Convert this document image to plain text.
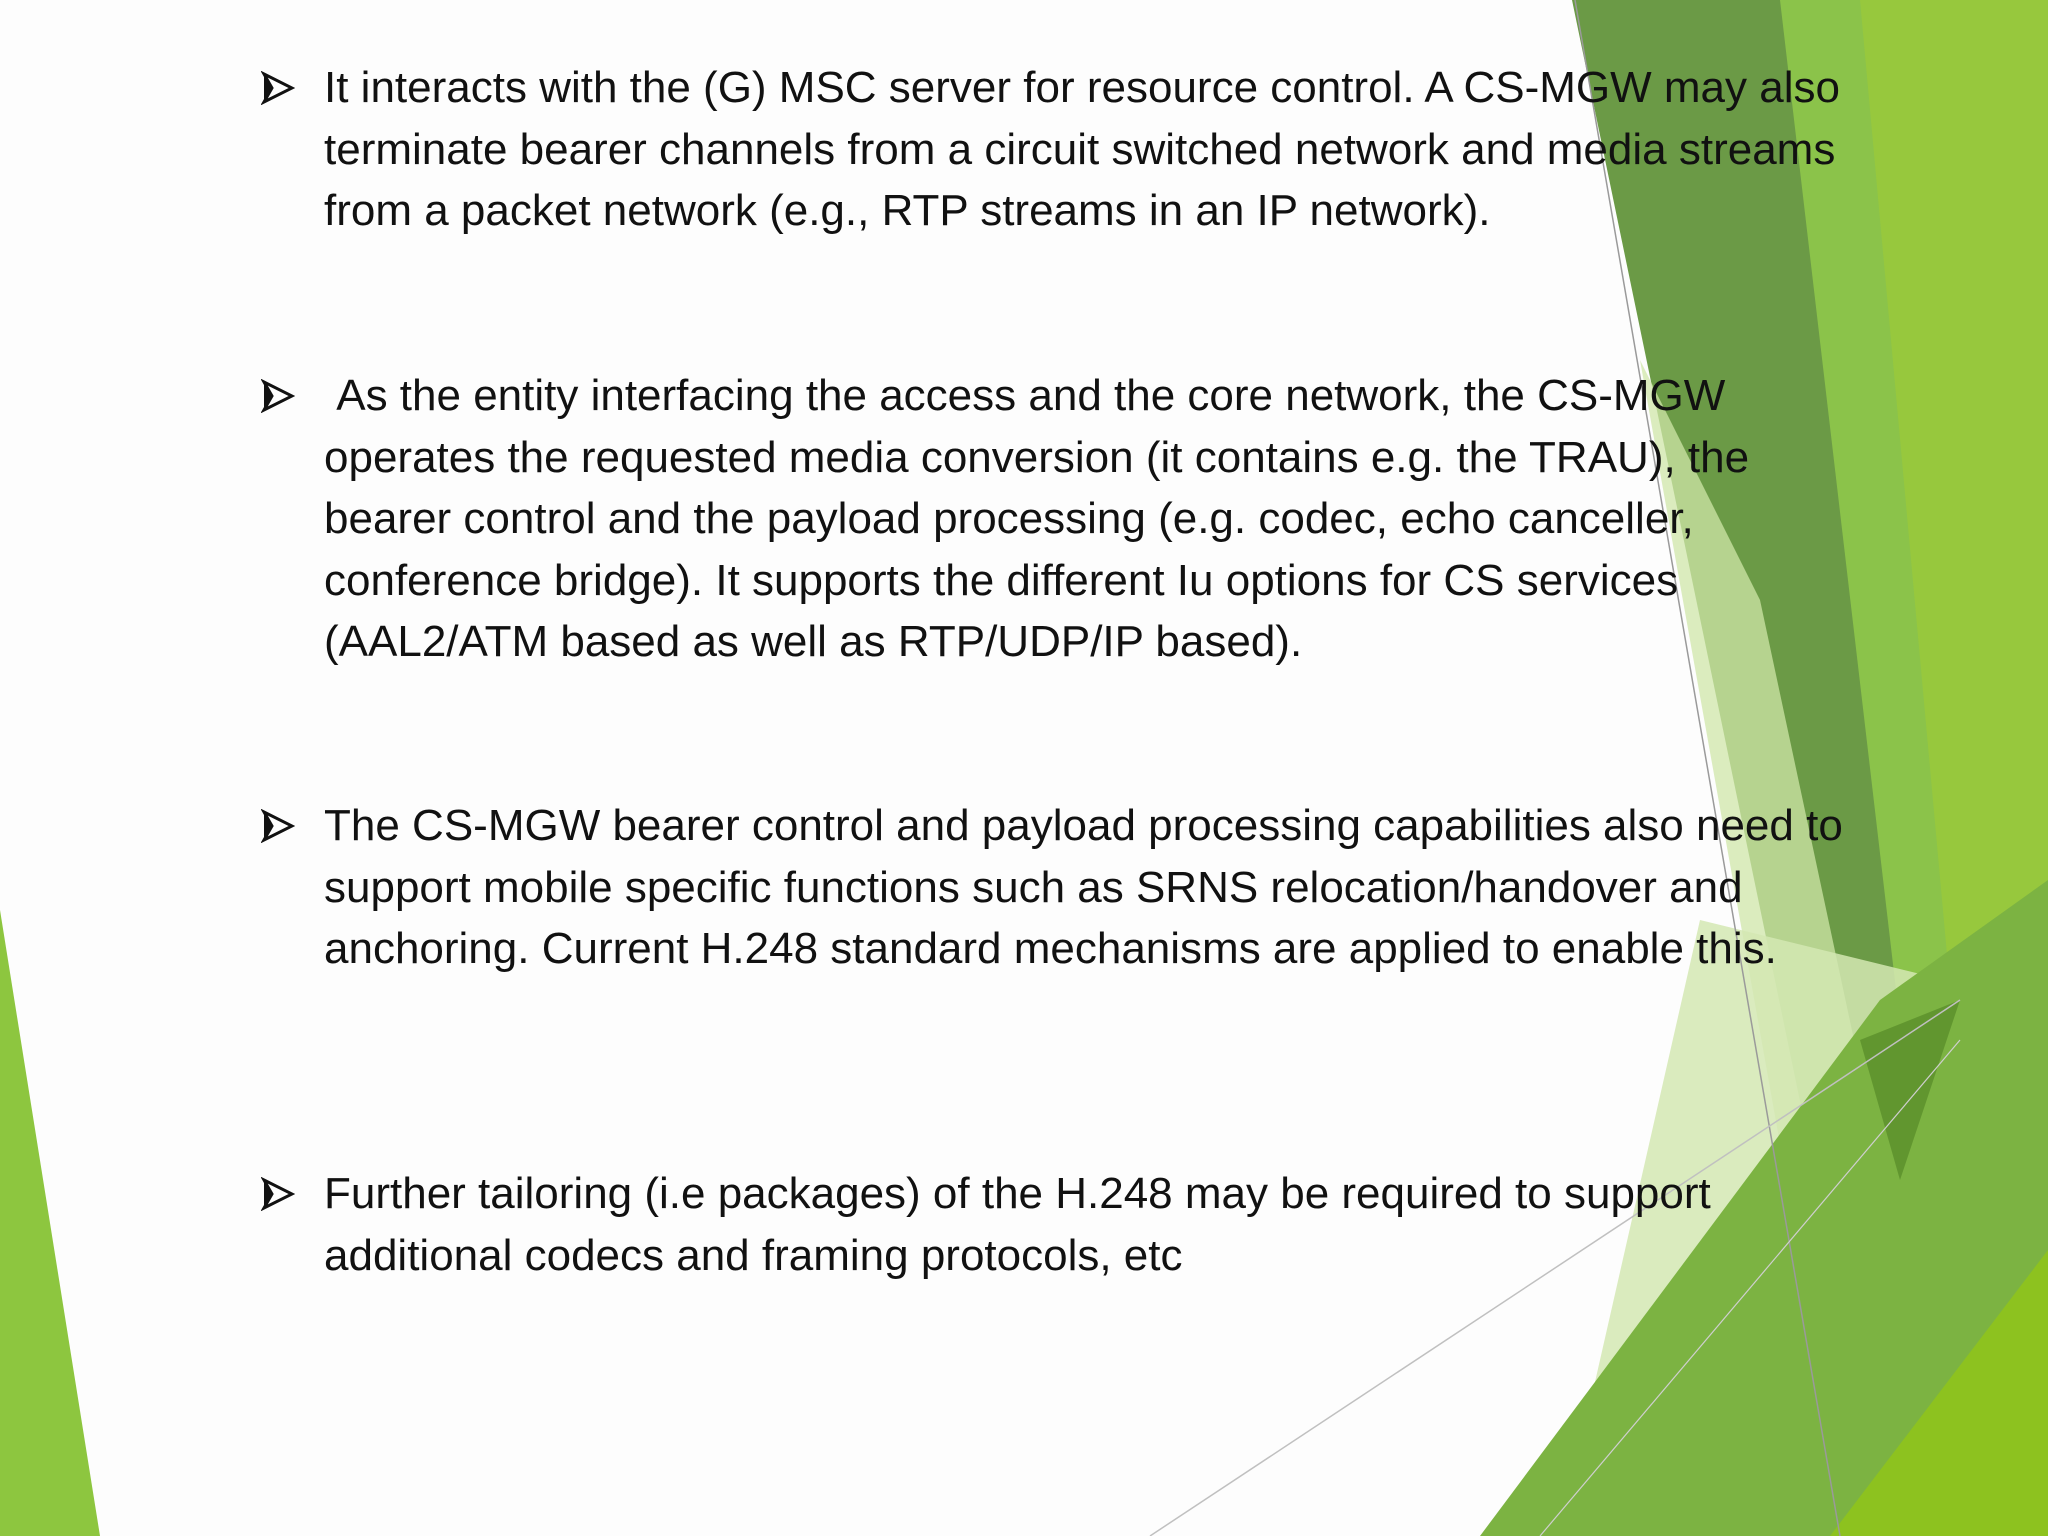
It interacts with the (G) MSC server for resource control. A CS-MGW may also terminate bearer channels from a circuit switched network and media streams from a packet network (e.g., RTP streams in an IP network).
As the entity interfacing the access and the core network, the CS-MGW operates the requested media conversion (it contains e.g. the TRAU), the bearer control and the payload processing (e.g. codec, echo canceller, conference bridge). It supports the different Iu options for CS services (AAL2/ATM based as well as RTP/UDP/IP based).
The CS-MGW bearer control and payload processing capabilities also need to support mobile specific functions such as SRNS relocation/handover and anchoring. Current H.248 standard mechanisms are applied to enable this.
Further tailoring (i.e packages) of the H.248 may be required to support additional codecs and framing protocols, etc
